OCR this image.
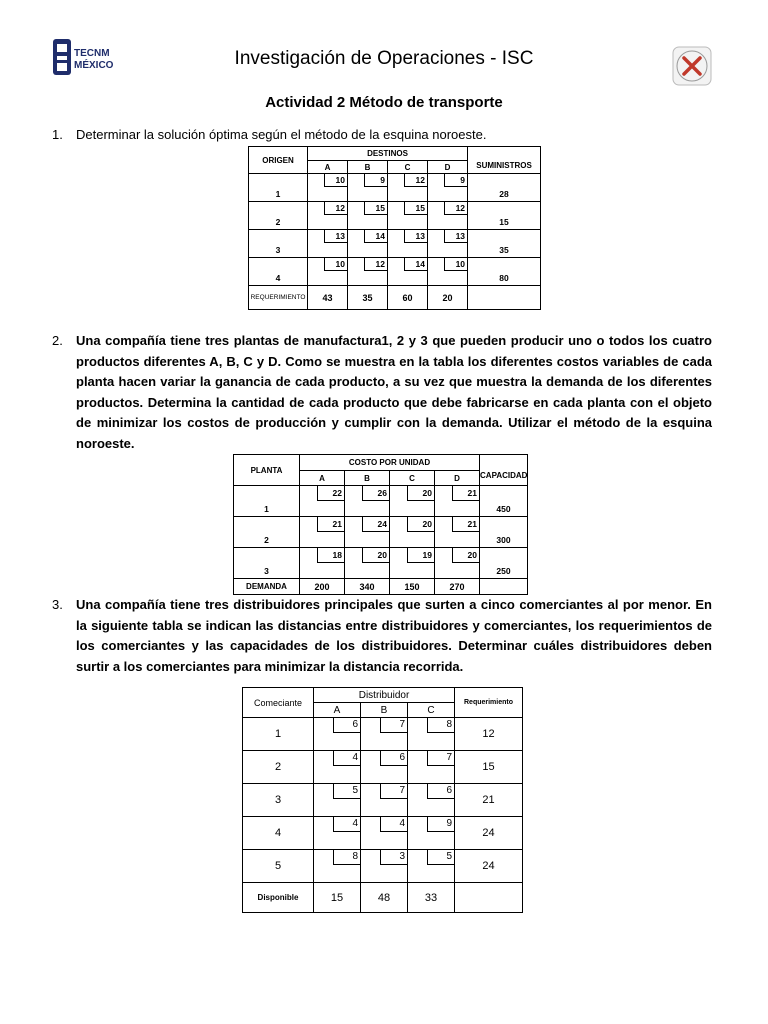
TECNM
MÉXICO	Investigación de Operaciones - ISC
Actividad 2 Método de transporte
1. Determinar la solución óptima según el método de la esquina noroeste.
ORIGEN	DESTINOS				
	A	B	C	D	SUMINISTROS

1	10	9	12	9	28

2	12	15	15	12	15

3	13	14	13	13	35

4	10	12	14	10	80

REQUERIMIENTO	43	35	60	20	
2. Una compañía tiene tres plantas de manufactura1, 2 y 3 que pueden producir uno o todos los cuatro productos diferentes A, B, C y D. Como se muestra en la tabla los diferentes costos variables de cada planta hacen variar la ganancia de cada producto, a su vez que muestra la demanda de los diferentes productos. Determina la cantidad de cada producto que debe fabricarse en cada planta con el objeto de minimizar los costos de producción y cumplir con la demanda. Utilizar el método de la esquina noroeste.
PLANTA	COSTO POR UNIDAD				
	A	B	C	D	CAPACIDAD

1	22	26	20	21	450

2	21	24	20	21	300

3	18	20	19	20	250

DEMANDA	200	340	150	270	
3. Una compañía tiene tres distribuidores principales que surten a cinco comerciantes al por menor. En la siguiente tabla se indican las distancias entre distribuidores y comerciantes, los requerimientos de los comerciantes y las capacidades de los distribuidores. Determinar cuáles distribuidores deben surtir a los comerciantes para minimizar la distancia recorrida.
Comeciante	Distribuidor			Requerimiento
	A	B	C	
1	6	7	8	12
2	4	6	7	15
3	5	7	6	21
4	4	4	9	24
5	8	3	5	24
Disponible	15	48	33	
